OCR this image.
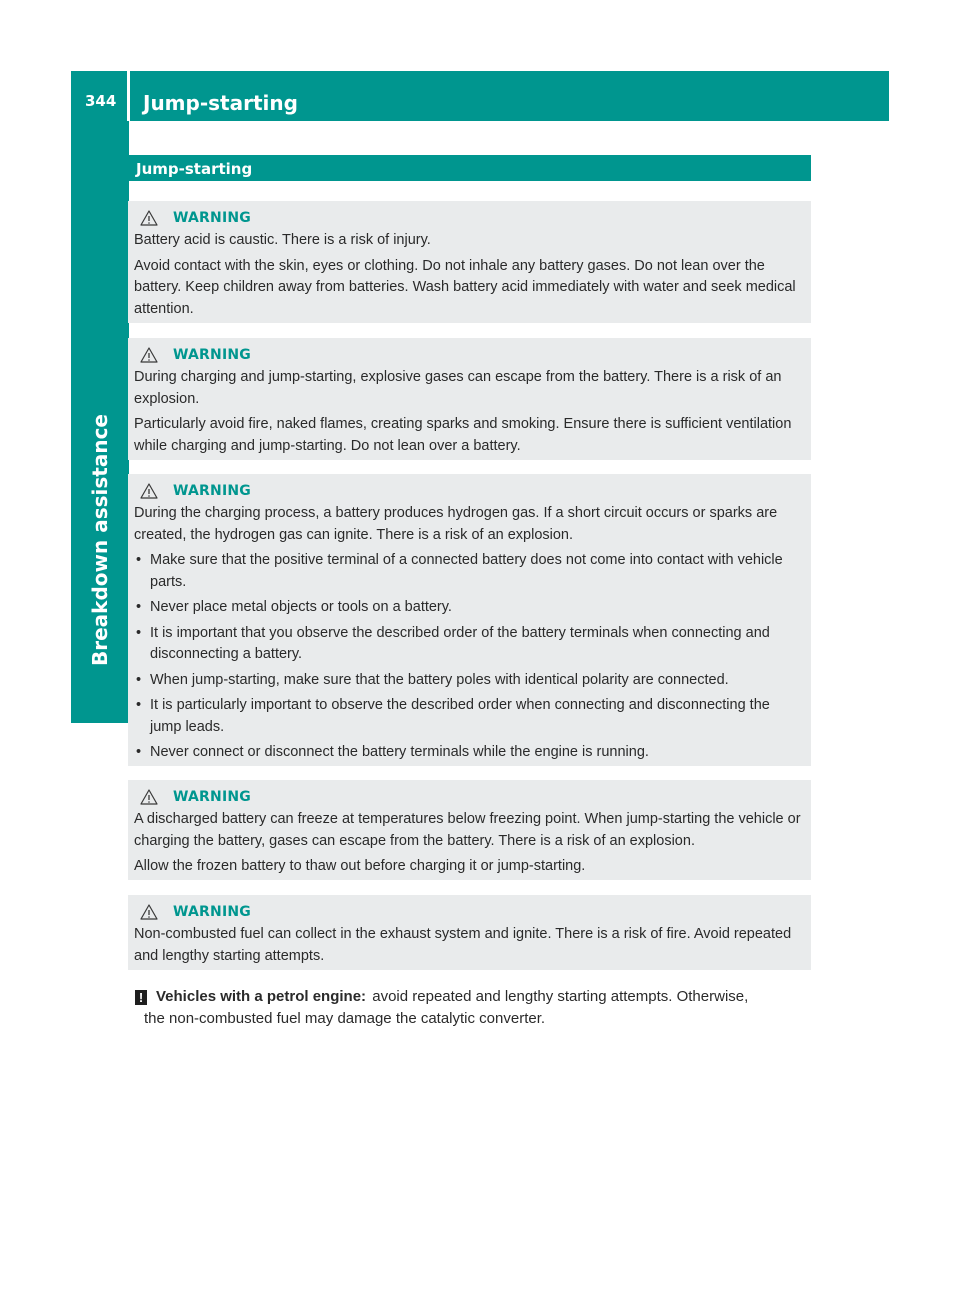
344 Jump-starting
Breakdown assistance
Jump-starting
WARNING

Battery acid is caustic. There is a risk of injury.

Avoid contact with the skin, eyes or clothing. Do not inhale any battery gases. Do not lean over the battery. Keep children away from batteries. Wash battery acid immediately with water and seek medical attention.

WARNING

During charging and jump-starting, explosive gases can escape from the battery. There is a risk of an explosion.

Particularly avoid fire, naked flames, creating sparks and smoking. Ensure there is sufficient ventilation while charging and jump-starting. Do not lean over a battery.

WARNING

During the charging process, a battery produces hydrogen gas. If a short circuit occurs or sparks are created, the hydrogen gas can ignite. There is a risk of an explosion.

• Make sure that the positive terminal of a connected battery does not come into contact with vehicle parts.
• Never place metal objects or tools on a battery.
• It is important that you observe the described order of the battery terminals when connecting and disconnecting a battery.
• When jump-starting, make sure that the battery poles with identical polarity are connected.
• It is particularly important to observe the described order when connecting and disconnecting the jump leads.
• Never connect or disconnect the battery terminals while the engine is running.
WARNING

A discharged battery can freeze at temperatures below freezing point. When jump-starting the vehicle or charging the battery, gases can escape from the battery. There is a risk of an explosion.

Allow the frozen battery to thaw out before charging it or jump-starting.

WARNING

Non-combusted fuel can collect in the exhaust system and ignite. There is a risk of fire. Avoid repeated and lengthy starting attempts.

! Vehicles with a petrol engine: avoid repeated and lengthy starting attempts. Otherwise,
the non-combusted fuel may damage the catalytic converter.
